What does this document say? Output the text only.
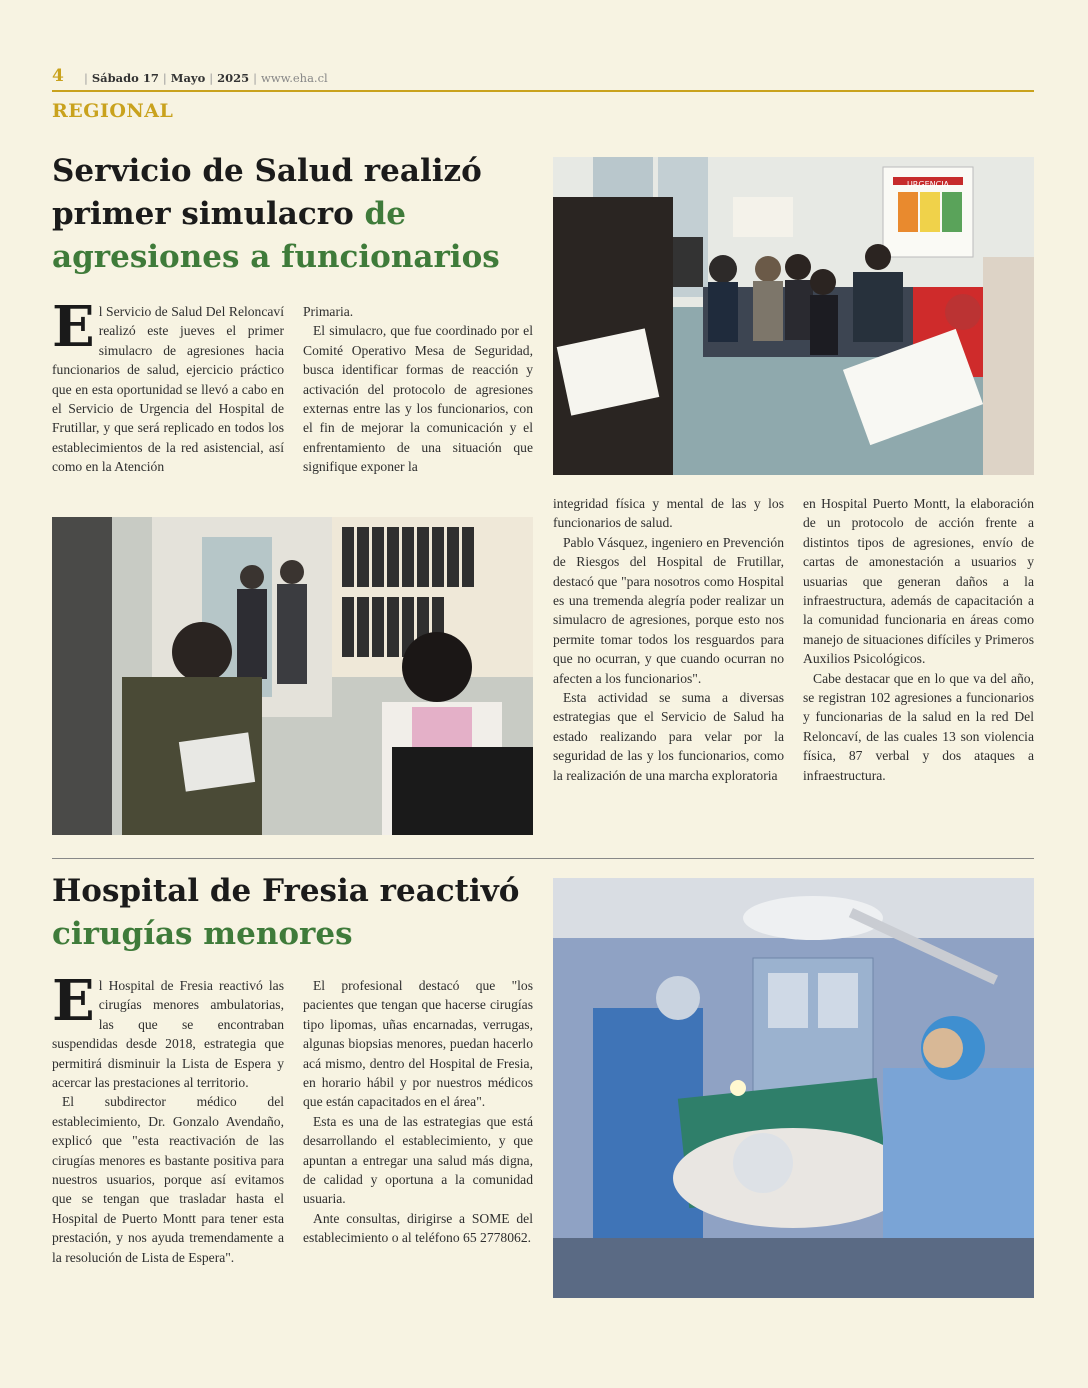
4	| Sábado 17 | Mayo | 2025 | www.eha.cl
REGIONAL
Servicio de Salud realizó primer simulacro de agresiones a funcionarios
URGENCIA

El Servicio de Salud Del Reloncaví realizó este jueves el primer simulacro de agresiones hacia funcionarios de salud, ejercicio práctico que en esta oportunidad se llevó a cabo en el Servicio de Urgencia del Hospital de Frutillar, y que será replicado en todos los establecimientos de la red asistencial, así como en la Atención

Primaria.

El simulacro, que fue coordinado por el Comité Operativo Mesa de Seguridad, busca identificar formas de reacción y activación del protocolo de agresiones externas entre las y los funcionarios, con el fin de mejorar la comunicación y el enfrentamiento de una situación que signifique exponer la

integridad física y mental de las y los funcionarios de salud.

Pablo Vásquez, ingeniero en Prevención de Riesgos del Hospital de Frutillar, destacó que "para nosotros como Hospital es una tremenda alegría poder realizar un simulacro de agresiones, porque esto nos permite tomar todos los resguardos para que no ocurran, y que cuando ocurran no afecten a los funcionarios".

Esta actividad se suma a diversas estrategias que el Servicio de Salud ha estado realizando para velar por la seguridad de las y los funcionarios, como la realización de una marcha exploratoria

en Hospital Puerto Montt, la elaboración de un protocolo de acción frente a distintos tipos de agresiones, envío de cartas de amonestación a usuarios y usuarias que generan daños a la infraestructura, además de capacitación a la comunidad funcionaria en áreas como manejo de situaciones difíciles y Primeros Auxilios Psicológicos.

Cabe destacar que en lo que va del año, se registran 102 agresiones a funcionarios y funcionarias de la salud en la red Del Reloncaví, de las cuales 13 son violencia física, 87 verbal y dos ataques a infraestructura.

Hospital de Fresia reactivó
cirugías menores

El Hospital de Fresia reactivó las cirugías menores ambulatorias, las que se encontraban suspendidas desde 2018, estrategia que permitirá disminuir la Lista de Espera y acercar las prestaciones al territorio.

El subdirector médico del establecimiento, Dr. Gonzalo Avendaño, explicó que "esta reactivación de las cirugías menores es bastante positiva para nuestros usuarios, porque así evitamos que se tengan que trasladar hasta el Hospital de Puerto Montt para tener esta prestación, y nos ayuda tremendamente a la resolución de Lista de Espera".

El profesional destacó que "los pacientes que tengan que hacerse cirugías tipo lipomas, uñas encarnadas, verrugas, algunas biopsias menores, puedan hacerlo acá mismo, dentro del Hospital de Fresia, en horario hábil y por nuestros médicos que están capacitados en el área".

Esta es una de las estrategias que está desarrollando el establecimiento, y que apuntan a entregar una salud más digna, de calidad y oportuna a la comunidad usuaria.

Ante consultas, dirigirse a SOME del establecimiento o al teléfono 65 2778062.
